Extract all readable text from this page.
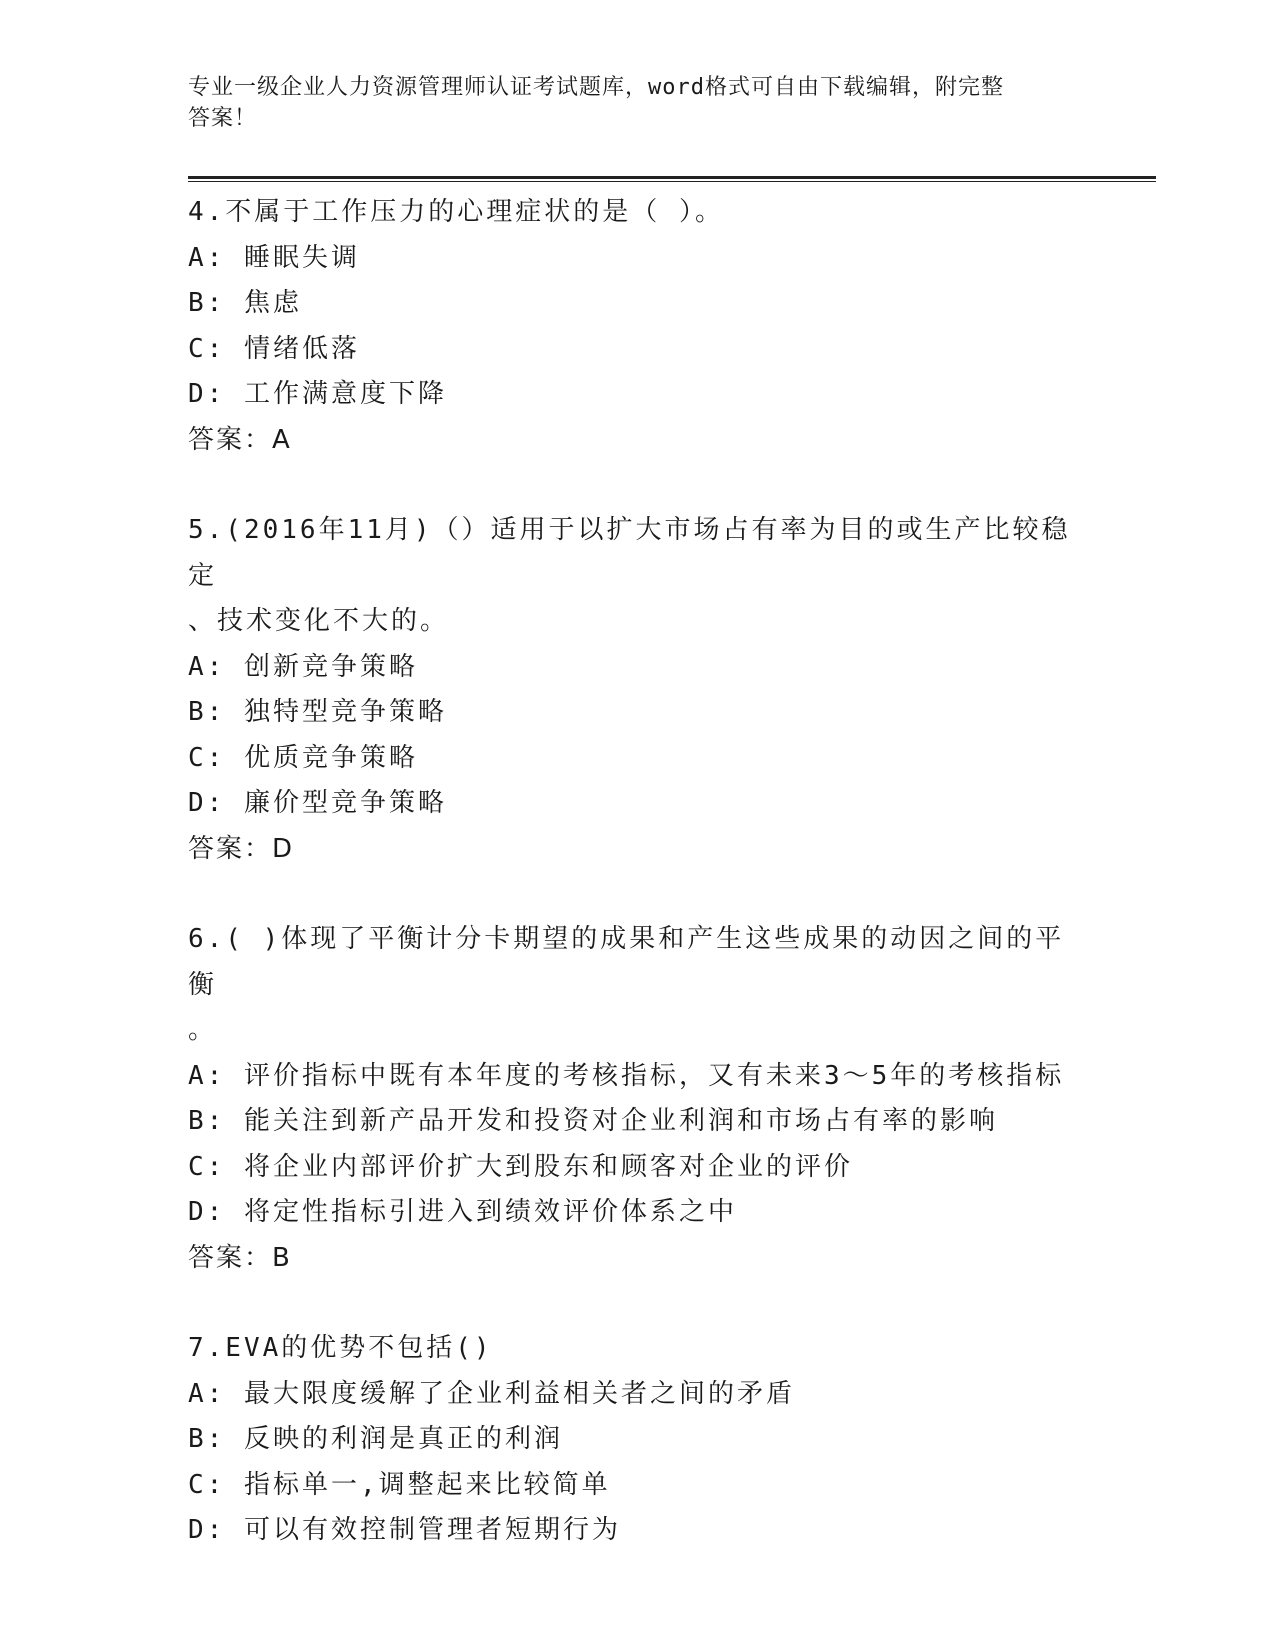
专业一级企业人力资源管理师认证考试题库，word格式可自由下载编辑，附完整
答案！
4.不属于工作压力的心理症状的是（ ）。
A: 睡眠失调
B: 焦虑
C: 情绪低落
D: 工作满意度下降
答案：A
5.(2016年11月)（）适用于以扩大市场占有率为目的或生产比较稳定
、技术变化不大的。
A: 创新竞争策略
B: 独特型竞争策略
C: 优质竞争策略
D: 廉价型竞争策略
答案：D
6.( )体现了平衡计分卡期望的成果和产生这些成果的动因之间的平衡
。
A: 评价指标中既有本年度的考核指标，又有未来3～5年的考核指标
B: 能关注到新产品开发和投资对企业利润和市场占有率的影响
C: 将企业内部评价扩大到股东和顾客对企业的评价
D: 将定性指标引进入到绩效评价体系之中
答案：B
7.EVA的优势不包括()
A: 最大限度缓解了企业利益相关者之间的矛盾
B: 反映的利润是真正的利润
C: 指标单一,调整起来比较简单
D: 可以有效控制管理者短期行为
